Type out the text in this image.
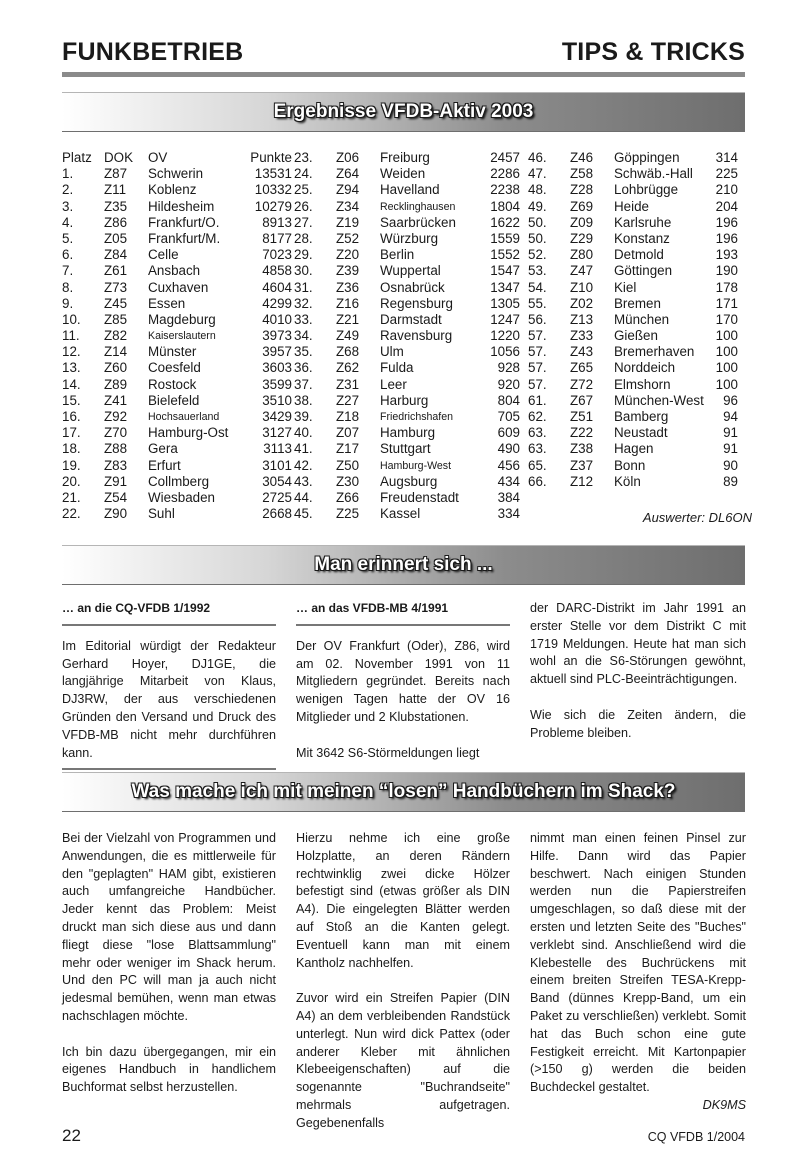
FUNKBETRIEB	TIPS & TRICKS
Ergebnisse VFDB-Aktiv 2003
Platz DOK OV	Punkte
1. Z87 Schwerin	13531
2. Z11 Koblenz	10332
3. Z35 Hildesheim	10279
4. Z86 Frankfurt/O.	8913
5. Z05 Frankfurt/M.	8177
6. Z84 Celle	7023
7. Z61 Ansbach	4858
8. Z73 Cuxhaven	4604
9. Z45 Essen	4299
10. Z85 Magdeburg	4010
11. Z82 Kaiserslautern	3973
12. Z14 Münster	3957
13. Z60 Coesfeld	3603
14. Z89 Rostock	3599
15. Z41 Bielefeld	3510
16. Z92 Hochsauerland	3429
17. Z70 Hamburg-Ost	3127
18. Z88 Gera	3113
19. Z83 Erfurt	3101
20. Z91 Collmberg	3054
21. Z54 Wiesbaden	2725
22. Z90 Suhl	2668
23. Z06 Freiburg	2457
24. Z64 Weiden	2286
25. Z94 Havelland	2238
26. Z34 Recklinghausen	1804
27. Z19 Saarbrücken	1622
28. Z52 Würzburg	1559
29. Z20 Berlin	1552
30. Z39 Wuppertal	1547
31. Z36 Osnabrück	1347
32. Z16 Regensburg	1305
33. Z21 Darmstadt	1247
34. Z49 Ravensburg	1220
35. Z68 Ulm	1056
36. Z62 Fulda	928
37. Z31 Leer	920
38. Z27 Harburg	804
39. Z18 Friedrichshafen	705
40. Z07 Hamburg	609
41. Z17 Stuttgart	490
42. Z50 Hamburg-West	456
43. Z30 Augsburg	434
44. Z66 Freudenstadt	384
45. Z25 Kassel	334
46. Z46 Göppingen	314
47. Z58 Schwäb.-Hall 225
48. Z28 Lohbrügge	210
49. Z69 Heide	204
50. Z09 Karlsruhe	196
50. Z29 Konstanz	196
52. Z80 Detmold	193
53. Z47 Göttingen	190
54. Z10 Kiel	178
55. Z02 Bremen	171
56. Z13 München	170
57. Z33 Gießen	100
57. Z43 Bremerhaven 100
57. Z65 Norddeich	100
57. Z72 Elmshorn	100
61. Z67 München-West 96
62. Z51 Bamberg	94
63. Z22 Neustadt	91
63. Z38 Hagen	91
65. Z37 Bonn	90
66. Z12 Köln	89
Auswerter: DL6ON
Man erinnert sich ...
… an die CQ-VFDB 1/1992

Im Editorial würdigt der Redakteur Gerhard Hoyer, DJ1GE, die langjährige Mitarbeit von Klaus, DJ3RW, der aus verschiedenen Gründen den Versand und Druck des VFDB-MB nicht mehr durchführen kann.

… an das VFDB-MB 4/1991

Der OV Frankfurt (Oder), Z86, wird am 02. November 1991 von 11 Mitgliedern gegründet. Bereits nach wenigen Tagen hatte der OV 16 Mitglieder und 2 Klubstationen.

Mit 3642 S6-Störmeldungen liegt

der DARC-Distrikt im Jahr 1991 an erster Stelle vor dem Distrikt C mit 1719 Meldungen. Heute hat man sich wohl an die S6-Störungen gewöhnt, aktuell sind PLC-Beeinträchtigungen.

Wie sich die Zeiten ändern, die Probleme bleiben.

Was mache ich mit meinen “losen” Handbüchern im Shack?

Bei der Vielzahl von Programmen und Anwendungen, die es mittlerweile für den "geplagten" HAM gibt, existieren auch umfangreiche Handbücher. Jeder kennt das Problem: Meist druckt man sich diese aus und dann fliegt diese "lose Blattsammlung" mehr oder weniger im Shack herum. Und den PC will man ja auch nicht jedesmal bemühen, wenn man etwas nachschlagen möchte.

Ich bin dazu übergegangen, mir ein eigenes Handbuch in handlichem Buchformat selbst herzustellen.

Hierzu nehme ich eine große Holzplatte, an deren Rändern rechtwinklig zwei dicke Hölzer befestigt sind (etwas größer als DIN A4). Die eingelegten Blätter werden auf Stoß an die Kanten gelegt. Eventuell kann man mit einem Kantholz nachhelfen.

Zuvor wird ein Streifen Papier (DIN A4) an dem verbleibenden Randstück unterlegt. Nun wird dick Pattex (oder anderer Kleber mit ähnlichen Klebeeigenschaften) auf die sogenannte "Buchrandseite" mehrmals aufgetragen. Gegebenenfalls

nimmt man einen feinen Pinsel zur Hilfe. Dann wird das Papier beschwert. Nach einigen Stunden werden nun die Papierstreifen umgeschlagen, so daß diese mit der ersten und letzten Seite des "Buches" verklebt sind. Anschließend wird die Klebestelle des Buchrückens mit einem breiten Streifen TESA-Krepp-Band (dünnes Krepp-Band, um ein Paket zu verschließen) verklebt. Somit hat das Buch schon eine gute Festigkeit erreicht. Mit Kartonpapier (>150 g) werden die beiden Buchdeckel gestaltet.

DK9MS
22	CQ VFDB 1/2004
